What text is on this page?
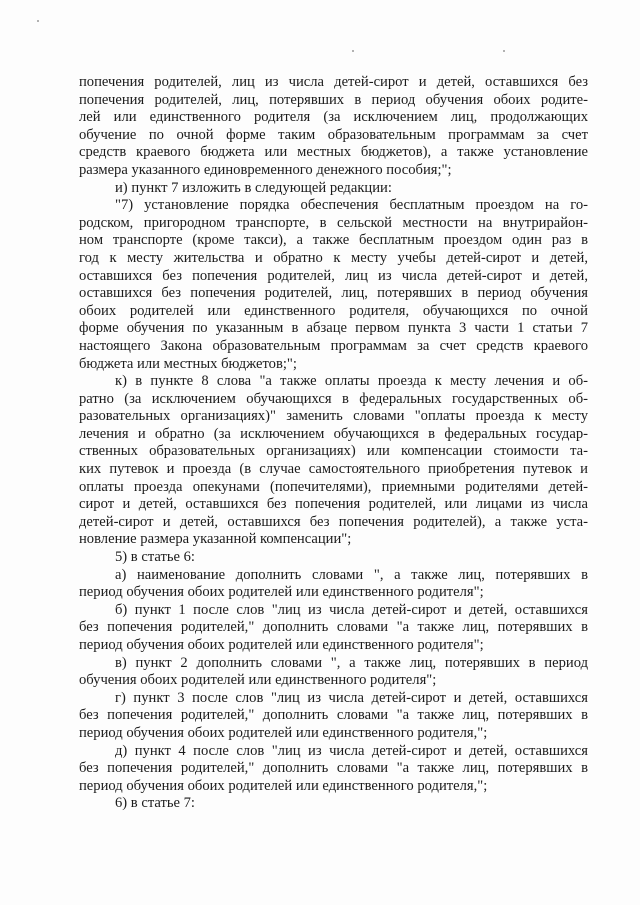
попечения родителей, лиц из числа детей-сирот и детей, оставшихся без
попечения родителей, лиц, потерявших в период обучения обоих родите-
лей или единственного родителя (за исключением лиц, продолжающих
обучение по очной форме таким образовательным программам за счет
средств краевого бюджета или местных бюджетов), а также установление
размера указанного единовременного денежного пособия;";

и) пункт 7 изложить в следующей редакции:

"7) установление порядка обеспечения бесплатным проездом на го-
родском, пригородном транспорте, в сельской местности на внутрирайон-
ном транспорте (кроме такси), а также бесплатным проездом один раз в
год к месту жительства и обратно к месту учебы детей-сирот и детей,
оставшихся без попечения родителей, лиц из числа детей-сирот и детей,
оставшихся без попечения родителей, лиц, потерявших в период обучения
обоих родителей или единственного родителя, обучающихся по очной
форме обучения по указанным в абзаце первом пункта 3 части 1 статьи 7
настоящего Закона образовательным программам за счет средств краевого
бюджета или местных бюджетов;";

к) в пункте 8 слова "а также оплаты проезда к месту лечения и об-
ратно (за исключением обучающихся в федеральных государственных об-
разовательных организациях)" заменить словами "оплаты проезда к месту
лечения и обратно (за исключением обучающихся в федеральных государ-
ственных образовательных организациях) или компенсации стоимости та-
ких путевок и проезда (в случае самостоятельного приобретения путевок и
оплаты проезда опекунами (попечителями), приемными родителями детей-
сирот и детей, оставшихся без попечения родителей, или лицами из числа
детей-сирот и детей, оставшихся без попечения родителей), а также уста-
новление размера указанной компенсации";

5) в статье 6:

а) наименование дополнить словами ", а также лиц, потерявших в
период обучения обоих родителей или единственного родителя";

б) пункт 1 после слов "лиц из числа детей-сирот и детей, оставшихся
без попечения родителей," дополнить словами "а также лиц, потерявших в
период обучения обоих родителей или единственного родителя";

в) пункт 2 дополнить словами ", а также лиц, потерявших в период
обучения обоих родителей или единственного родителя";

г) пункт 3 после слов "лиц из числа детей-сирот и детей, оставшихся
без попечения родителей," дополнить словами "а также лиц, потерявших в
период обучения обоих родителей или единственного родителя,";

д) пункт 4 после слов "лиц из числа детей-сирот и детей, оставшихся
без попечения родителей," дополнить словами "а также лиц, потерявших в
период обучения обоих родителей или единственного родителя,";

6) в статье 7:
